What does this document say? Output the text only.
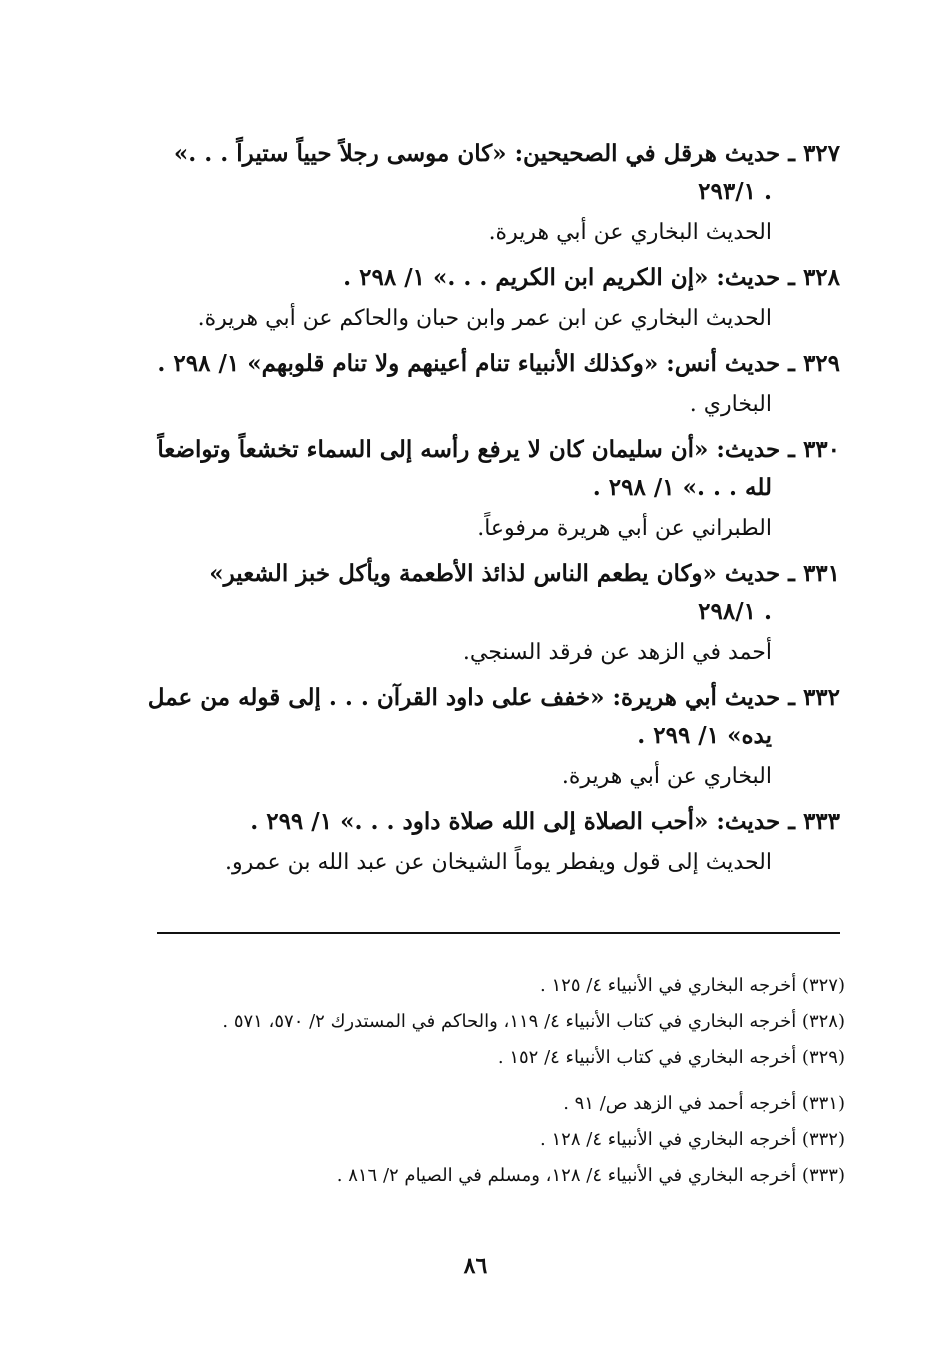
٣٢٧ ـ حديث هرقل في الصحيحين: «كان موسى رجلاً حيياً ستيراً . . .»
. ٢٩٣/١
الحديث البخاري عن أبي هريرة.
٣٢٨ ـ حديث: «إن الكريم ابن الكريم . . .» ١/ ٢٩٨ .
الحديث البخاري عن ابن عمر وابن حبان والحاكم عن أبي هريرة.
٣٢٩ ـ حديث أنس: «وكذلك الأنبياء تنام أعينهم ولا تنام قلوبهم» ١/ ٢٩٨ .
البخاري .
٣٣٠ ـ حديث: «أن سليمان كان لا يرفع رأسه إلى السماء تخشعاً وتواضعاً
لله . . .» ١/ ٢٩٨ .
الطبراني عن أبي هريرة مرفوعاً.
٣٣١ ـ حديث «وكان يطعم الناس لذائذ الأطعمة ويأكل خبز الشعير»
. ٢٩٨/١
أحمد في الزهد عن فرقد السنجي.
٣٣٢ ـ حديث أبي هريرة: «خفف على داود القرآن . . . إلى قوله من عمل
يده» ١/ ٢٩٩ .
البخاري عن أبي هريرة.
٣٣٣ ـ حديث: «أحب الصلاة إلى الله صلاة داود . . .» ١/ ٢٩٩ .
الحديث إلى قول ويفطر يوماً الشيخان عن عبد الله بن عمرو.
(٣٢٧) أخرجه البخاري في الأنبياء ٤/ ١٢٥ .
(٣٢٨) أخرجه البخاري في كتاب الأنبياء ٤/ ١١٩، والحاكم في المستدرك ٢/ ٥٧٠، ٥٧١ .
(٣٢٩) أخرجه البخاري في كتاب الأنبياء ٤/ ١٥٢ .
(٣٣١) أخرجه أحمد في الزهد ص/ ٩١ .
(٣٣٢) أخرجه البخاري في الأنبياء ٤/ ١٢٨ .
(٣٣٣) أخرجه البخاري في الأنبياء ٤/ ١٢٨، ومسلم في الصيام ٢/ ٨١٦ .
٨٦
